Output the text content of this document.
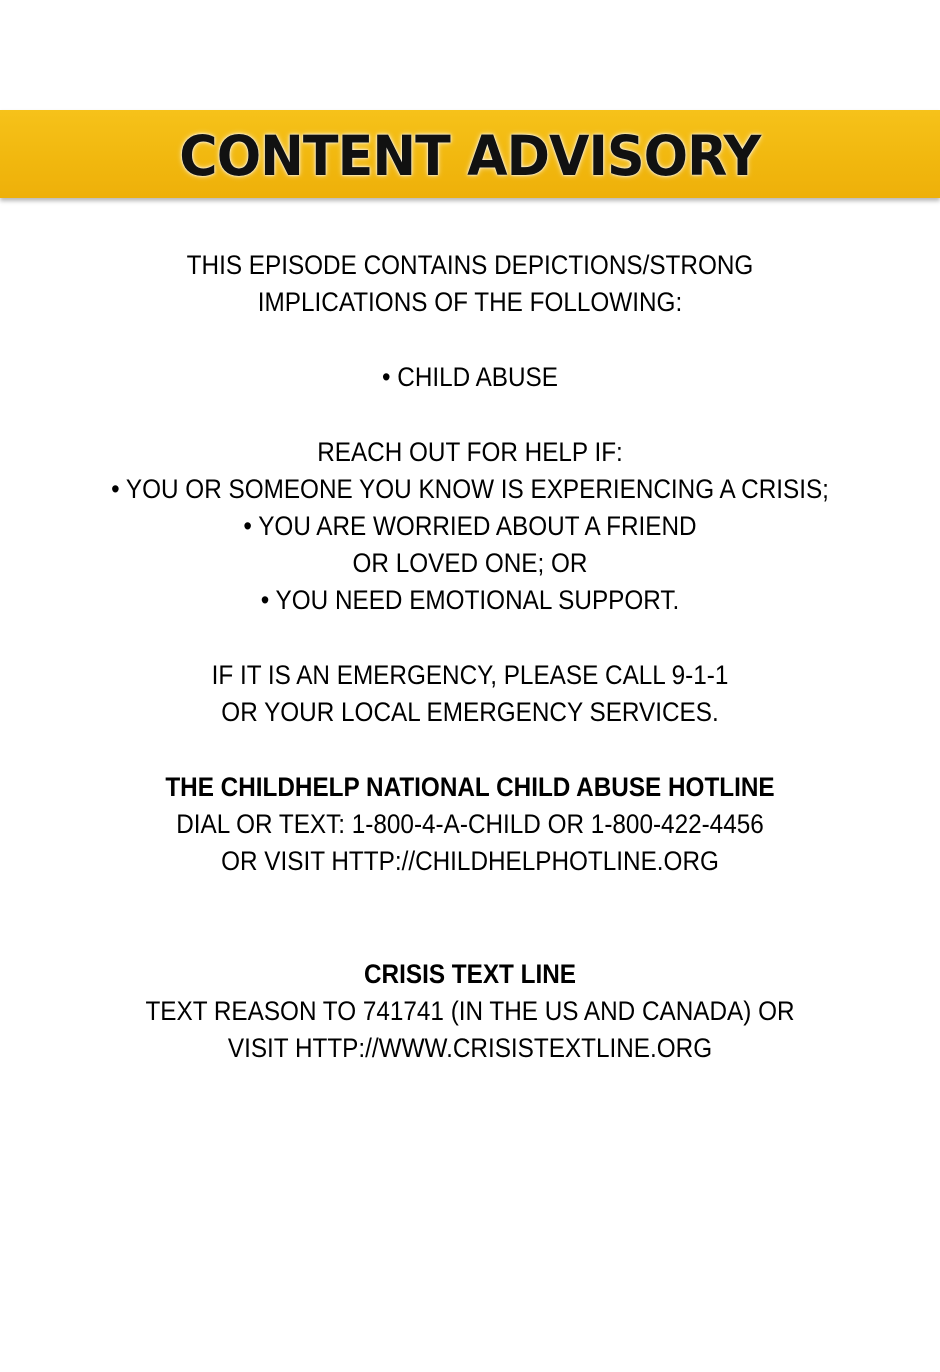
CONTENT ADVISORY
THIS EPISODE CONTAINS DEPICTIONS/STRONG
IMPLICATIONS OF THE FOLLOWING:
• CHILD ABUSE
REACH OUT FOR HELP IF:
• YOU OR SOMEONE YOU KNOW IS EXPERIENCING A CRISIS;
• YOU ARE WORRIED ABOUT A FRIEND
OR LOVED ONE; OR
• YOU NEED EMOTIONAL SUPPORT.
IF IT IS AN EMERGENCY, PLEASE CALL 9-1-1
OR YOUR LOCAL EMERGENCY SERVICES.
THE CHILDHELP NATIONAL CHILD ABUSE HOTLINE
DIAL OR TEXT: 1-800-4-A-CHILD OR 1-800-422-4456
OR VISIT HTTP://CHILDHELPHOTLINE.ORG
CRISIS TEXT LINE
TEXT REASON TO 741741 (IN THE US AND CANADA) OR
VISIT HTTP://WWW.CRISISTEXTLINE.ORG
